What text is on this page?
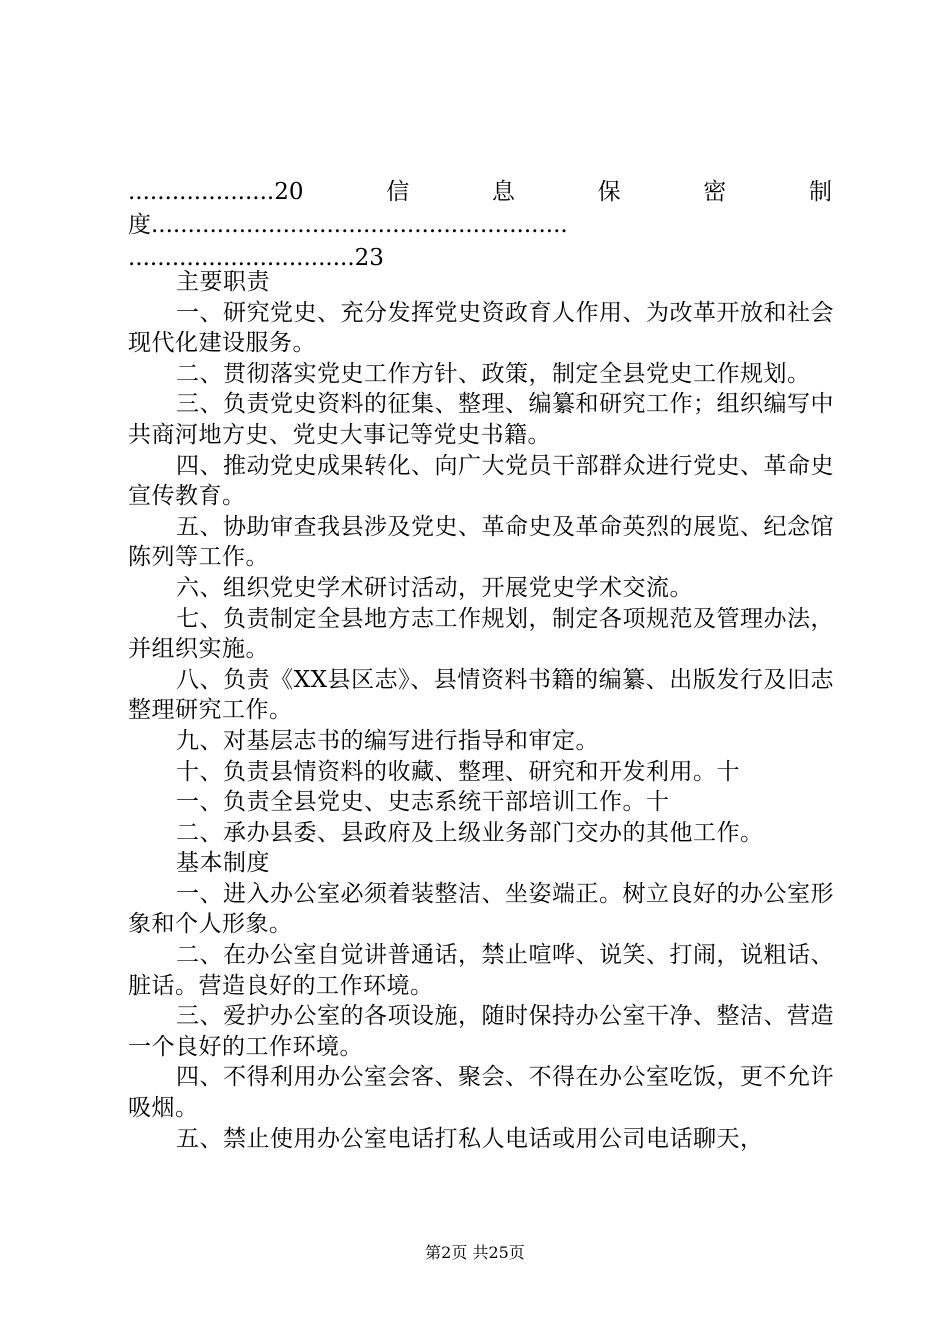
....................20	信	息	保	密	制
度.........................................................
...............................23
主要职责
一、研究党史、充分发挥党史资政育人作用、为改革开放和社会现代化建设服务。
二、贯彻落实党史工作方针、政策，制定全县党史工作规划。
三、负责党史资料的征集、整理、编纂和研究工作；组织编写中共商河地方史、党史大事记等党史书籍。
四、推动党史成果转化、向广大党员干部群众进行党史、革命史宣传教育。
五、协助审查我县涉及党史、革命史及革命英烈的展览、纪念馆陈列等工作。
六、组织党史学术研讨活动，开展党史学术交流。
七、负责制定全县地方志工作规划，制定各项规范及管理办法，并组织实施。
八、负责《XX县区志》、县情资料书籍的编纂、出版发行及旧志整理研究工作。
九、对基层志书的编写进行指导和审定。
十、负责县情资料的收藏、整理、研究和开发利用。十
一、负责全县党史、史志系统干部培训工作。十
二、承办县委、县政府及上级业务部门交办的其他工作。
基本制度
一、进入办公室必须着装整洁、坐姿端正。树立良好的办公室形象和个人形象。
二、在办公室自觉讲普通话，禁止喧哗、说笑、打闹，说粗话、脏话。营造良好的工作环境。
三、爱护办公室的各项设施，随时保持办公室干净、整洁、营造一个良好的工作环境。
四、不得利用办公室会客、聚会、不得在办公室吃饭，更不允许吸烟。
五、禁止使用办公室电话打私人电话或用公司电话聊天，
第2页 共25页
